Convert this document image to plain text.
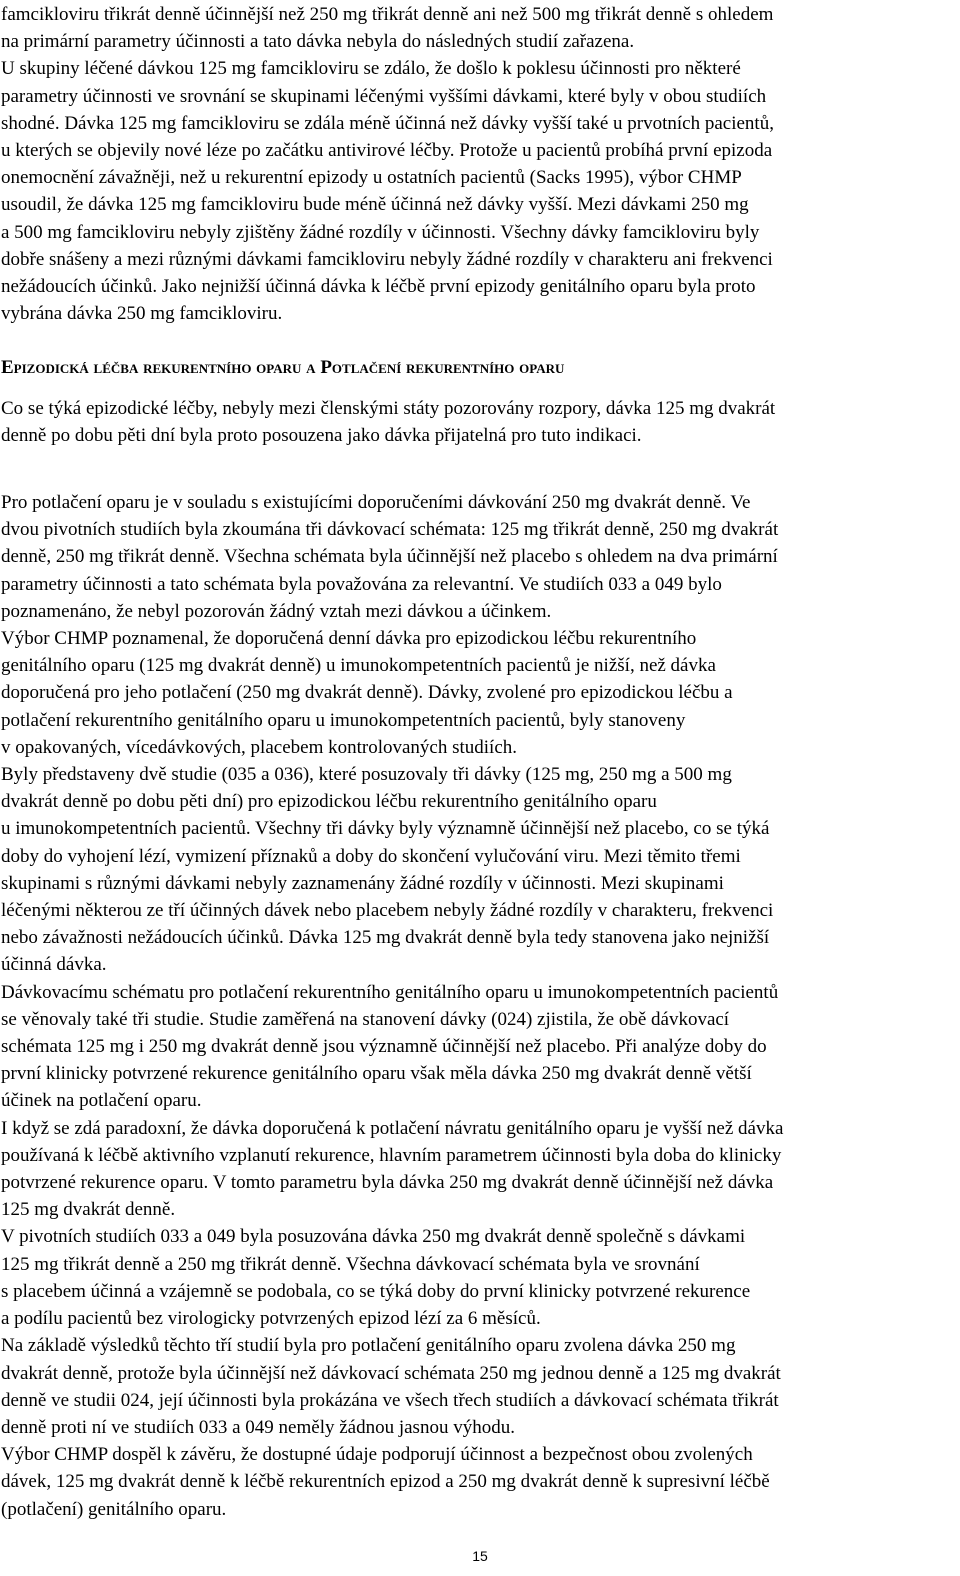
famcikloviru třikrát denně účinnější než 250 mg třikrát denně ani než 500 mg třikrát denně s ohledem
na primární parametry účinnosti a tato dávka nebyla do následných studií zařazena.
U skupiny léčené dávkou 125 mg famcikloviru se zdálo, že došlo k poklesu účinnosti pro některé
parametry účinnosti ve srovnání se skupinami léčenými vyššími dávkami, které byly v obou studiích
shodné. Dávka 125 mg famcikloviru se zdála méně účinná než dávky vyšší také u prvotních pacientů,
u kterých se objevily nové léze po začátku antivirové léčby. Protože u pacientů probíhá první epizoda
onemocnění závažněji, než u rekurentní epizody u ostatních pacientů (Sacks 1995), výbor CHMP
usoudil, že dávka 125 mg famcikloviru bude méně účinná než dávky vyšší. Mezi dávkami 250 mg
a 500 mg famcikloviru nebyly zjištěny žádné rozdíly v účinnosti. Všechny dávky famcikloviru byly
dobře snášeny a mezi různými dávkami famcikloviru nebyly žádné rozdíly v charakteru ani frekvenci
nežádoucích účinků. Jako nejnižší účinná dávka k léčbě první epizody genitálního oparu byla proto
vybrána dávka 250 mg famcikloviru.

Epizodická léčba rekurentního oparu a Potlačení rekurentního oparu

Co se týká epizodické léčby, nebyly mezi členskými státy pozorovány rozpory, dávka 125 mg dvakrát
denně po dobu pěti dní byla proto posouzena jako dávka přijatelná pro tuto indikaci.

Pro potlačení oparu je v souladu s existujícími doporučeními dávkování 250 mg dvakrát denně. Ve
dvou pivotních studiích byla zkoumána tři dávkovací schémata: 125 mg třikrát denně, 250 mg dvakrát
denně, 250 mg třikrát denně. Všechna schémata byla účinnější než placebo s ohledem na dva primární
parametry účinnosti a tato schémata byla považována za relevantní. Ve studiích 033 a 049 bylo
poznamenáno, že nebyl pozorován žádný vztah mezi dávkou a účinkem.
Výbor CHMP poznamenal, že doporučená denní dávka pro epizodickou léčbu rekurentního
genitálního oparu (125 mg dvakrát denně) u imunokompetentních pacientů je nižší, než dávka
doporučená pro jeho potlačení (250 mg dvakrát denně). Dávky, zvolené pro epizodickou léčbu a
potlačení rekurentního genitálního oparu u imunokompetentních pacientů, byly stanoveny
v opakovaných, vícedávkových, placebem kontrolovaných studiích.
Byly představeny dvě studie (035 a 036), které posuzovaly tři dávky (125 mg, 250 mg a 500 mg
dvakrát denně po dobu pěti dní) pro epizodickou léčbu rekurentního genitálního oparu
u imunokompetentních pacientů. Všechny tři dávky byly významně účinnější než placebo, co se týká
doby do vyhojení lézí, vymizení příznaků a doby do skončení vylučování viru. Mezi těmito třemi
skupinami s různými dávkami nebyly zaznamenány žádné rozdíly v účinnosti. Mezi skupinami
léčenými některou ze tří účinných dávek nebo placebem nebyly žádné rozdíly v charakteru, frekvenci
nebo závažnosti nežádoucích účinků. Dávka 125 mg dvakrát denně byla tedy stanovena jako nejnižší
účinná dávka.
Dávkovacímu schématu pro potlačení rekurentního genitálního oparu u imunokompetentních pacientů
se věnovaly také tři studie. Studie zaměřená na stanovení dávky (024) zjistila, že obě dávkovací
schémata 125 mg i 250 mg dvakrát denně jsou významně účinnější než placebo. Při analýze doby do
první klinicky potvrzené rekurence genitálního oparu však měla dávka 250 mg dvakrát denně větší
účinek na potlačení oparu.
I když se zdá paradoxní, že dávka doporučená k potlačení návratu genitálního oparu je vyšší než dávka
používaná k léčbě aktivního vzplanutí rekurence, hlavním parametrem účinnosti byla doba do klinicky
potvrzené rekurence oparu. V tomto parametru byla dávka 250 mg dvakrát denně účinnější než dávka
125 mg dvakrát denně.
V pivotních studiích 033 a 049 byla posuzována dávka 250 mg dvakrát denně společně s dávkami
125 mg třikrát denně a 250 mg třikrát denně. Všechna dávkovací schémata byla ve srovnání
s placebem účinná a vzájemně se podobala, co se týká doby do první klinicky potvrzené rekurence
a podílu pacientů bez virologicky potvrzených epizod lézí za 6 měsíců.
Na základě výsledků těchto tří studií byla pro potlačení genitálního oparu zvolena dávka 250 mg
dvakrát denně, protože byla účinnější než dávkovací schémata 250 mg jednou denně a 125 mg dvakrát
denně ve studii 024, její účinnosti byla prokázána ve všech třech studiích a dávkovací schémata třikrát
denně proti ní ve studiích 033 a 049 neměly žádnou jasnou výhodu.
Výbor CHMP dospěl k závěru, že dostupné údaje podporují účinnost a bezpečnost obou zvolených
dávek, 125 mg dvakrát denně k léčbě rekurentních epizod a 250 mg dvakrát denně k supresivní léčbě
(potlačení) genitálního oparu.

15
